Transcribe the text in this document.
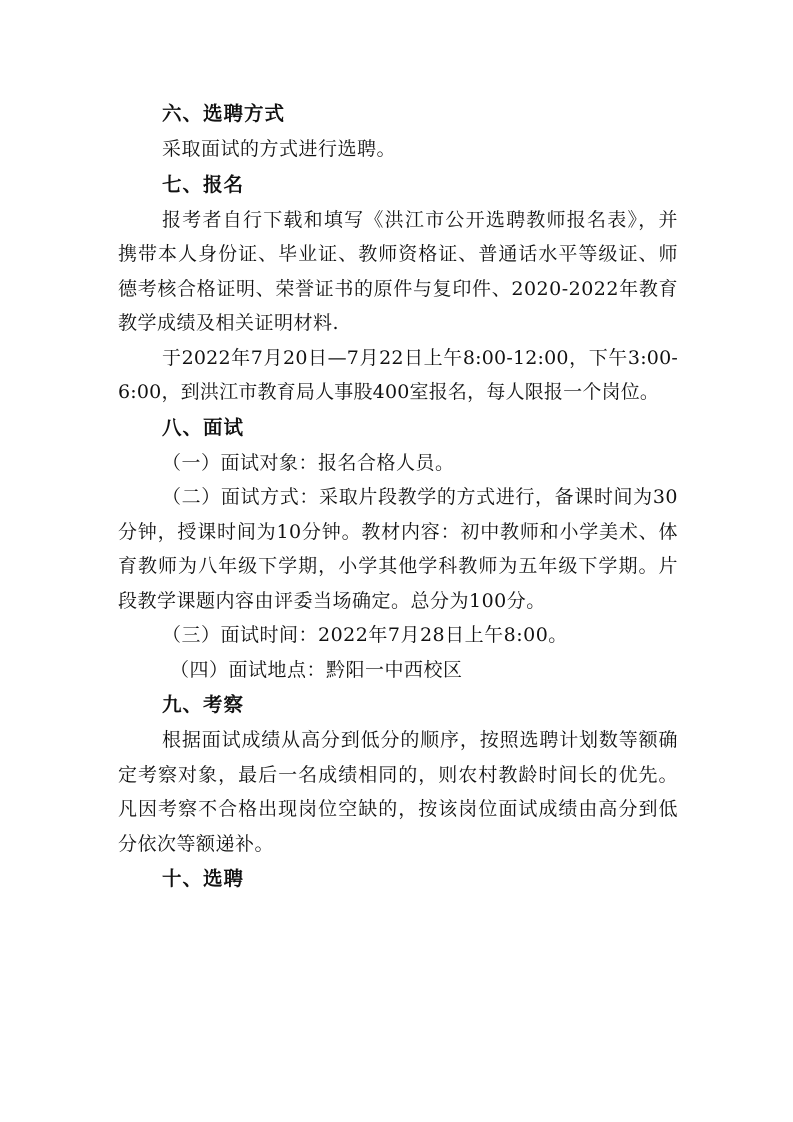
六、选聘方式

采取面试的方式进行选聘。

七、报名

报考者自行下载和填写《洪江市公开选聘教师报名表》，并携带本人身份证、毕业证、教师资格证、普通话水平等级证、师德考核合格证明、荣誉证书的原件与复印件、2020-2022年教育教学成绩及相关证明材料.

于2022年7月20日—7月22日上午8:00-12:00，下午3:00-6:00，到洪江市教育局人事股400室报名，每人限报一个岗位。

八、面试

（一）面试对象：报名合格人员。

（二）面试方式：采取片段教学的方式进行，备课时间为30分钟，授课时间为10分钟。教材内容：初中教师和小学美术、体育教师为八年级下学期，小学其他学科教师为五年级下学期。片段教学课题内容由评委当场确定。总分为100分。

（三）面试时间：2022年7月28日上午8:00。

（四）面试地点：黔阳一中西校区

九、考察

根据面试成绩从高分到低分的顺序，按照选聘计划数等额确定考察对象，最后一名成绩相同的，则农村教龄时间长的优先。凡因考察不合格出现岗位空缺的，按该岗位面试成绩由高分到低分依次等额递补。

十、选聘
